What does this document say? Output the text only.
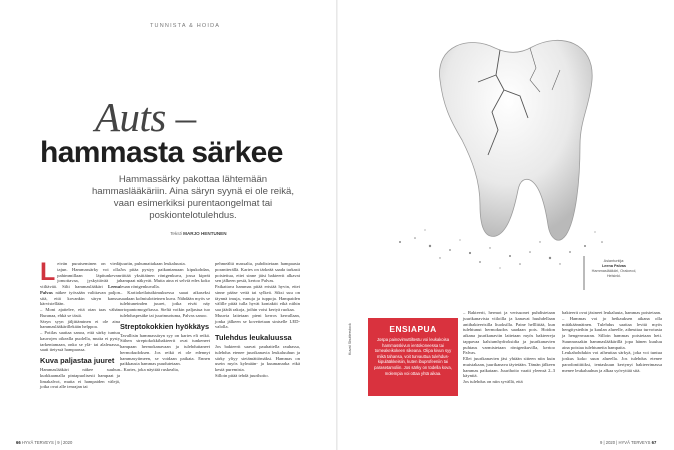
TUNNISTA & HOIDA
Auts –
hammasta särkee
Hammassärky pakottaa lähtemään hammaslääkäriin. Aina säryn syynä ei ole reikä, vaan esimerkiksi purentaongelmat tai poskiontelotulehdus.
Teksti MARJO HENTUNEN

Leivän puraiseminen on viedä tajun. Hammassärky voi olla pahimmillaan läpitunkevan jomottavaa, jyskyttävää ja viiltävää. Silti hammaslääkäri Leena Palvas näkee työssään valittavan paljon sitä, että kovankin säryn kanssa kärvistellään.

– Moni ajattelee, että otan taas vähän Buranaa, ehkä se tästä.

Säryn syyn jäljittäminen ei ole aina hammaslääkärillekään helppoa.

– Potilas saattaa sanoa, että särky tuntuu kauvojen oikealla puolella, mutta ei pysty tarkentamaan, onko se ylä- tai alaleuassa, saati tietyssä hampaassa.

Kuva paljastaa juuret

Hammaslääkäri näkee suuhun kurkkaamalla pintapuolisesti hampaat ja limakalvot, mutta ei hampaiden välejä, jotka ovat alle ienrajan tai

juuriin, puhumattakaan leukaluusta.

Jos pitäa pystyy paikantamaan kipukohdan, riittää yksittäinen röntgenkuva, jossa kipeät hampaat näkyvät. Mutta aina ei selviä edes koko leuan röntgenkuvalla.

– Kartiokeilatutkimuksessa saaat aikaseksi saadaan kolmiulotteinen kuva. Nähdään myös se tulehtuneinden juuret, jotka eivät näy ortopantomogrfiassa. Sieltä voikin paljastua tuo tulehduspesäke tai juurimurtuma, Palvas sanoo.

Streptokokkien hyökkäys

Tavallisin hammassäryn syy on karies eli reikä. Siihen streptokokkibakteerit ovat tunkeneet hampaan hermokanavaan ja tulehduttaneet hermokudoksen. Jos reikä ei ole edennyt hammasytimeen, se voidaan paikata. Ennen paikkausta hammas puudutetaan.

– Karies, joka näyttää ruskealta,

pehmeältä massalta, puhdistetaan hampaasta porantterällä. Karies on tärkeää saada tarkasti poistettua, ettei sinne jäisi bakteerit alkavat sen jälkeen pesiä, kertoo Palvas.

Paikattava hammas pitää eristää hyvin, ettei sinne pääse vettä tai sylkeä. Siksi suu on täynnä imuja, vanuja ja tuppoja. Hampaiden välille pitää tulla hyvät kontaktit eikä niihin saa jäädä rakoja, joihin voisi kertyä ruokaa.

Muuvia laitetaan pieni kerros kerrallaan, jonka jälkeen se kovettetaan siniselle LED-valolla.

Tulehdus leukaluussa

Jos bakteerit saavat pauhattella rauhassa, tulehdus etenee juurikanavia leukaluuhun ja särky yltyy sietämättömäksi. Hammas on usein myös kylmään- ja kuumanarka eikä kestä puremista.

Silloin pitää tehdä juurihoito.

Asiantuntija:
Leena Palvas
Hammaslääkäri, Oralcecd, Helsinki.
Kuvat Shutterstock	ENSIAPUA

Jospa painovimuttiltestu voi leukakoisa hammasskivun ientokoneessa tai tomeakeikokeen sikeana. Olipa kivun syy mikä tahansa, voit turvauttua tulehdus-kipulääkkeisiin, kuten ibuprofeeniin tai parasetamoliin. Jos särky on todella kova, molempia voi ottaa yhtä aikaa.

– Bakteerit, hermot ja verisuonet puhdistetaan juurikanavista viiloilla ja kanavat huuhdellaan antibakteerisilla liuoksilla. Paine helllittää, kun tulehtunut hermokudos saadaan pois. Hoidon aikana juurikanaviin laitetaan myös bakteereja tappavaa kalsiumhydroksidia ja juurikanavien puhtaus varmistetaan röntgenkuvilla, kertoo Palvas.

Ellei juurikanavien jäsi yhtään sitteen niin kuin muistakaan, juurikanava täytetään. Tämän jälkeen hammas paikataan. Juurihoito vaatii yleensä 2–3 käyntiä.

Jos tulehdus on niin syvällä, että

bakteerit ovat jäsineet leukaluuta, hammas poistetaan.

– Hammas voi jo hetkauksen aikana olla mitäkäännäinen. Tulehdus saattaa levitä myös hengitysteihin ja kaulan alueelle, aiheuttaa turvotusta ja hengenvaaran. Silloin hammas poistetaan heti. Suunnassakin hammaslääkärillä jopa hänen kuuluu aina poistaa tulehtuneita hampaita.

Leukahohdukin voi aiheuttaa särkyä, joka voi tuntua joskus koko suun alueella. Jos tulehdus etenee parodontiittiksi, ientaskuun kertynyt bakteerimassa menee leukaluuhun ja alkaa syövyttää sitä.

66 HYVÄ TERVEYS | 9 | 2020	9 | 2020 | HYVÄ TERVEYS 67
